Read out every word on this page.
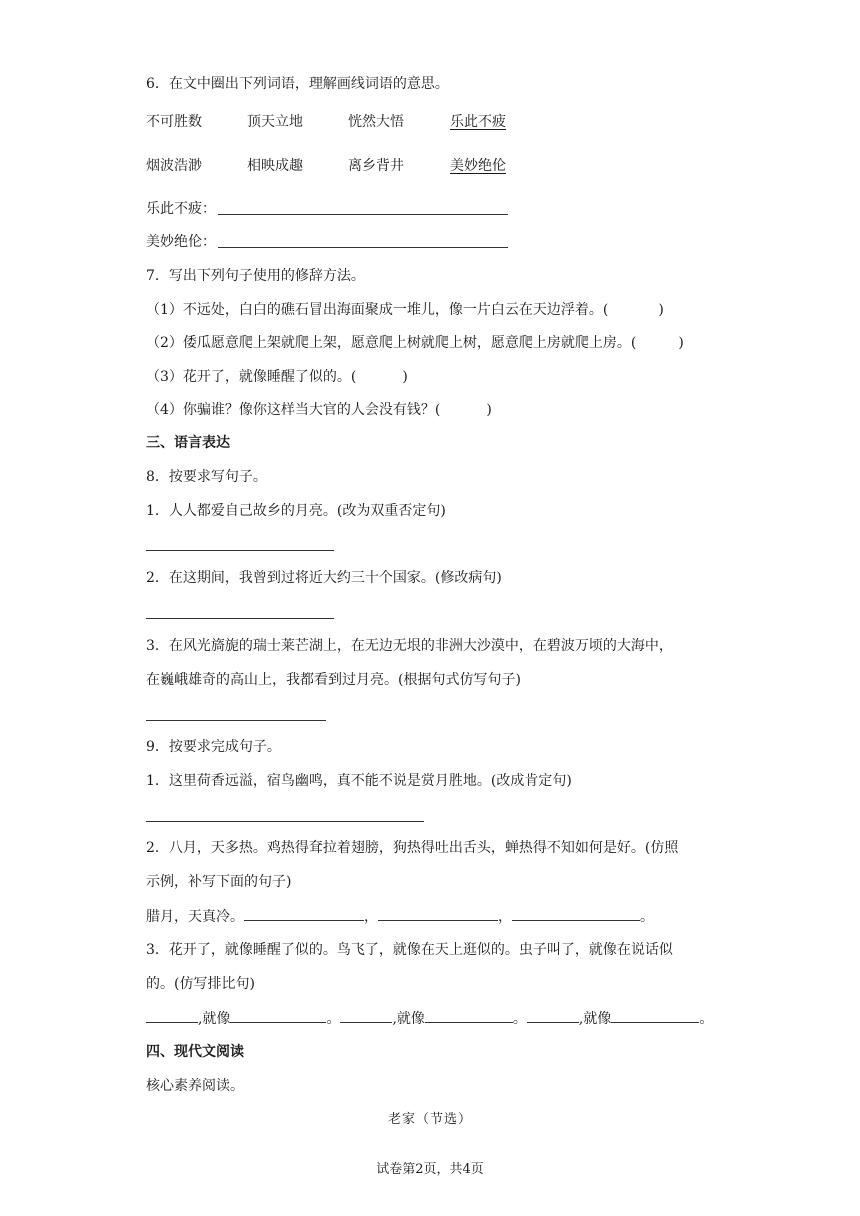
6．在文中圈出下列词语，理解画线词语的意思。
不可胜数	顶天立地	恍然大悟	乐此不疲
烟波浩渺	相映成趣	离乡背井	美妙绝伦
乐此不疲：
美妙绝伦：
7．写出下列句子使用的修辞方法。
（1）不远处，白白的礁石冒出海面聚成一堆儿，像一片白云在天边浮着。(	)
（2）倭瓜愿意爬上架就爬上架，愿意爬上树就爬上树，愿意爬上房就爬上房。(	)
（3）花开了，就像睡醒了似的。(	)
（4）你骗谁？像你这样当大官的人会没有钱？(	)
三、语言表达
8．按要求写句子。
1．人人都爱自己故乡的月亮。(改为双重否定句)
2．在这期间，我曾到过将近大约三十个国家。(修改病句)
3．在风光旖旎的瑞士莱芒湖上，在无边无垠的非洲大沙漠中，在碧波万顷的大海中，
在巍峨雄奇的高山上，我都看到过月亮。(根据句式仿写句子)
9．按要求完成句子。
1．这里荷香远溢，宿鸟幽鸣，真不能不说是赏月胜地。(改成肯定句)
2．八月，天多热。鸡热得耷拉着翅膀，狗热得吐出舌头，蝉热得不知如何是好。(仿照
示例，补写下面的句子)
腊月，天真冷。	，	，	。
3．花开了，就像睡醒了似的。鸟飞了，就像在天上逛似的。虫子叫了，就像在说话似
的。(仿写排比句)
,就像	。	,就像	。	,就像	。
四、现代文阅读
核心素养阅读。
老家（节选）
试卷第2页，共4页
